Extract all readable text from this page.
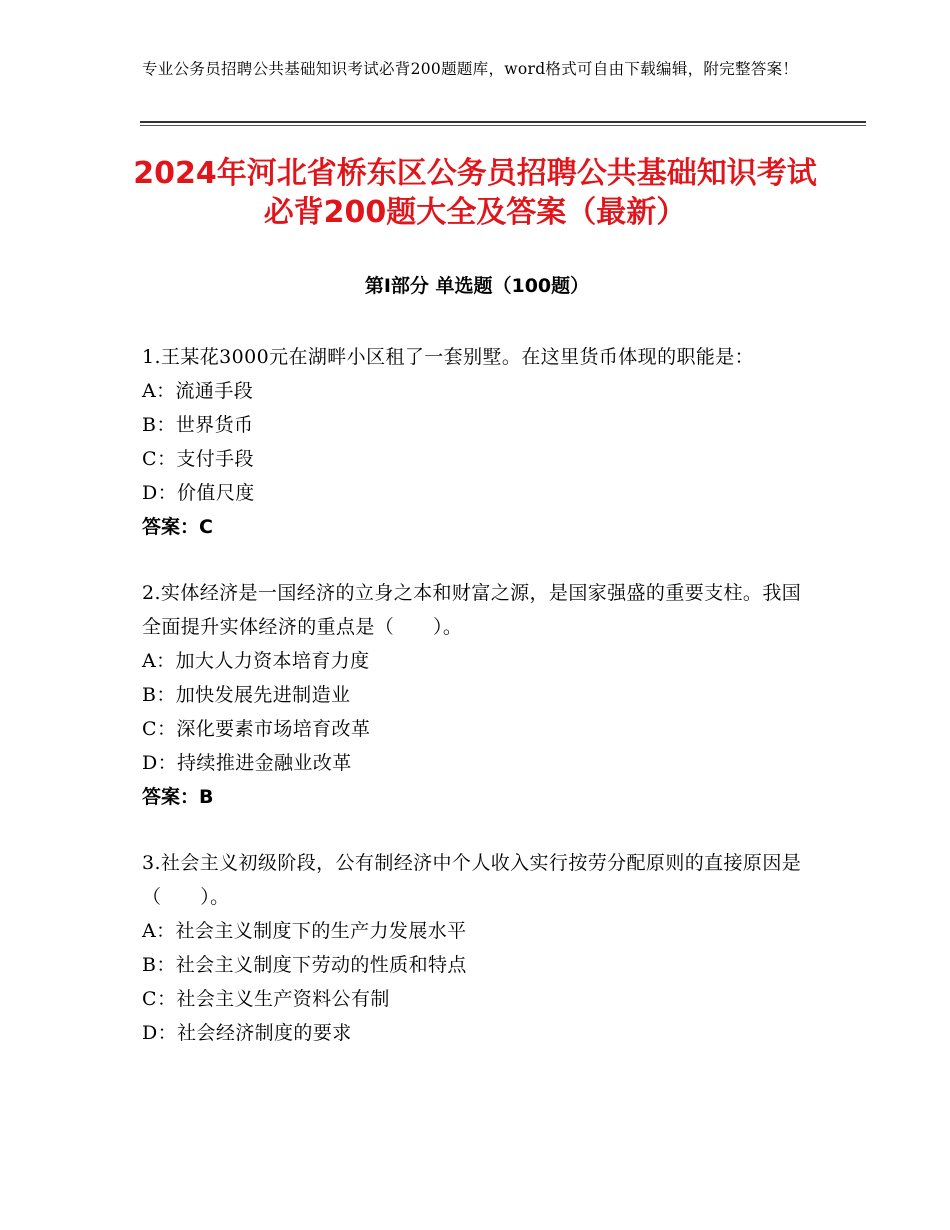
专业公务员招聘公共基础知识考试必背200题题库，word格式可自由下载编辑，附完整答案！
2024年河北省桥东区公务员招聘公共基础知识考试必背200题大全及答案（最新）
第Ⅰ部分 单选题（100题）
1.王某花3000元在湖畔小区租了一套别墅。在这里货币体现的职能是：
A：流通手段
B：世界货币
C：支付手段
D：价值尺度
答案：C
2.实体经济是一国经济的立身之本和财富之源，是国家强盛的重要支柱。我国全面提升实体经济的重点是（　　）。
A：加大人力资本培育力度
B：加快发展先进制造业
C：深化要素市场培育改革
D：持续推进金融业改革
答案：B
3.社会主义初级阶段，公有制经济中个人收入实行按劳分配原则的直接原因是（　　）。
A：社会主义制度下的生产力发展水平
B：社会主义制度下劳动的性质和特点
C：社会主义生产资料公有制
D：社会经济制度的要求
